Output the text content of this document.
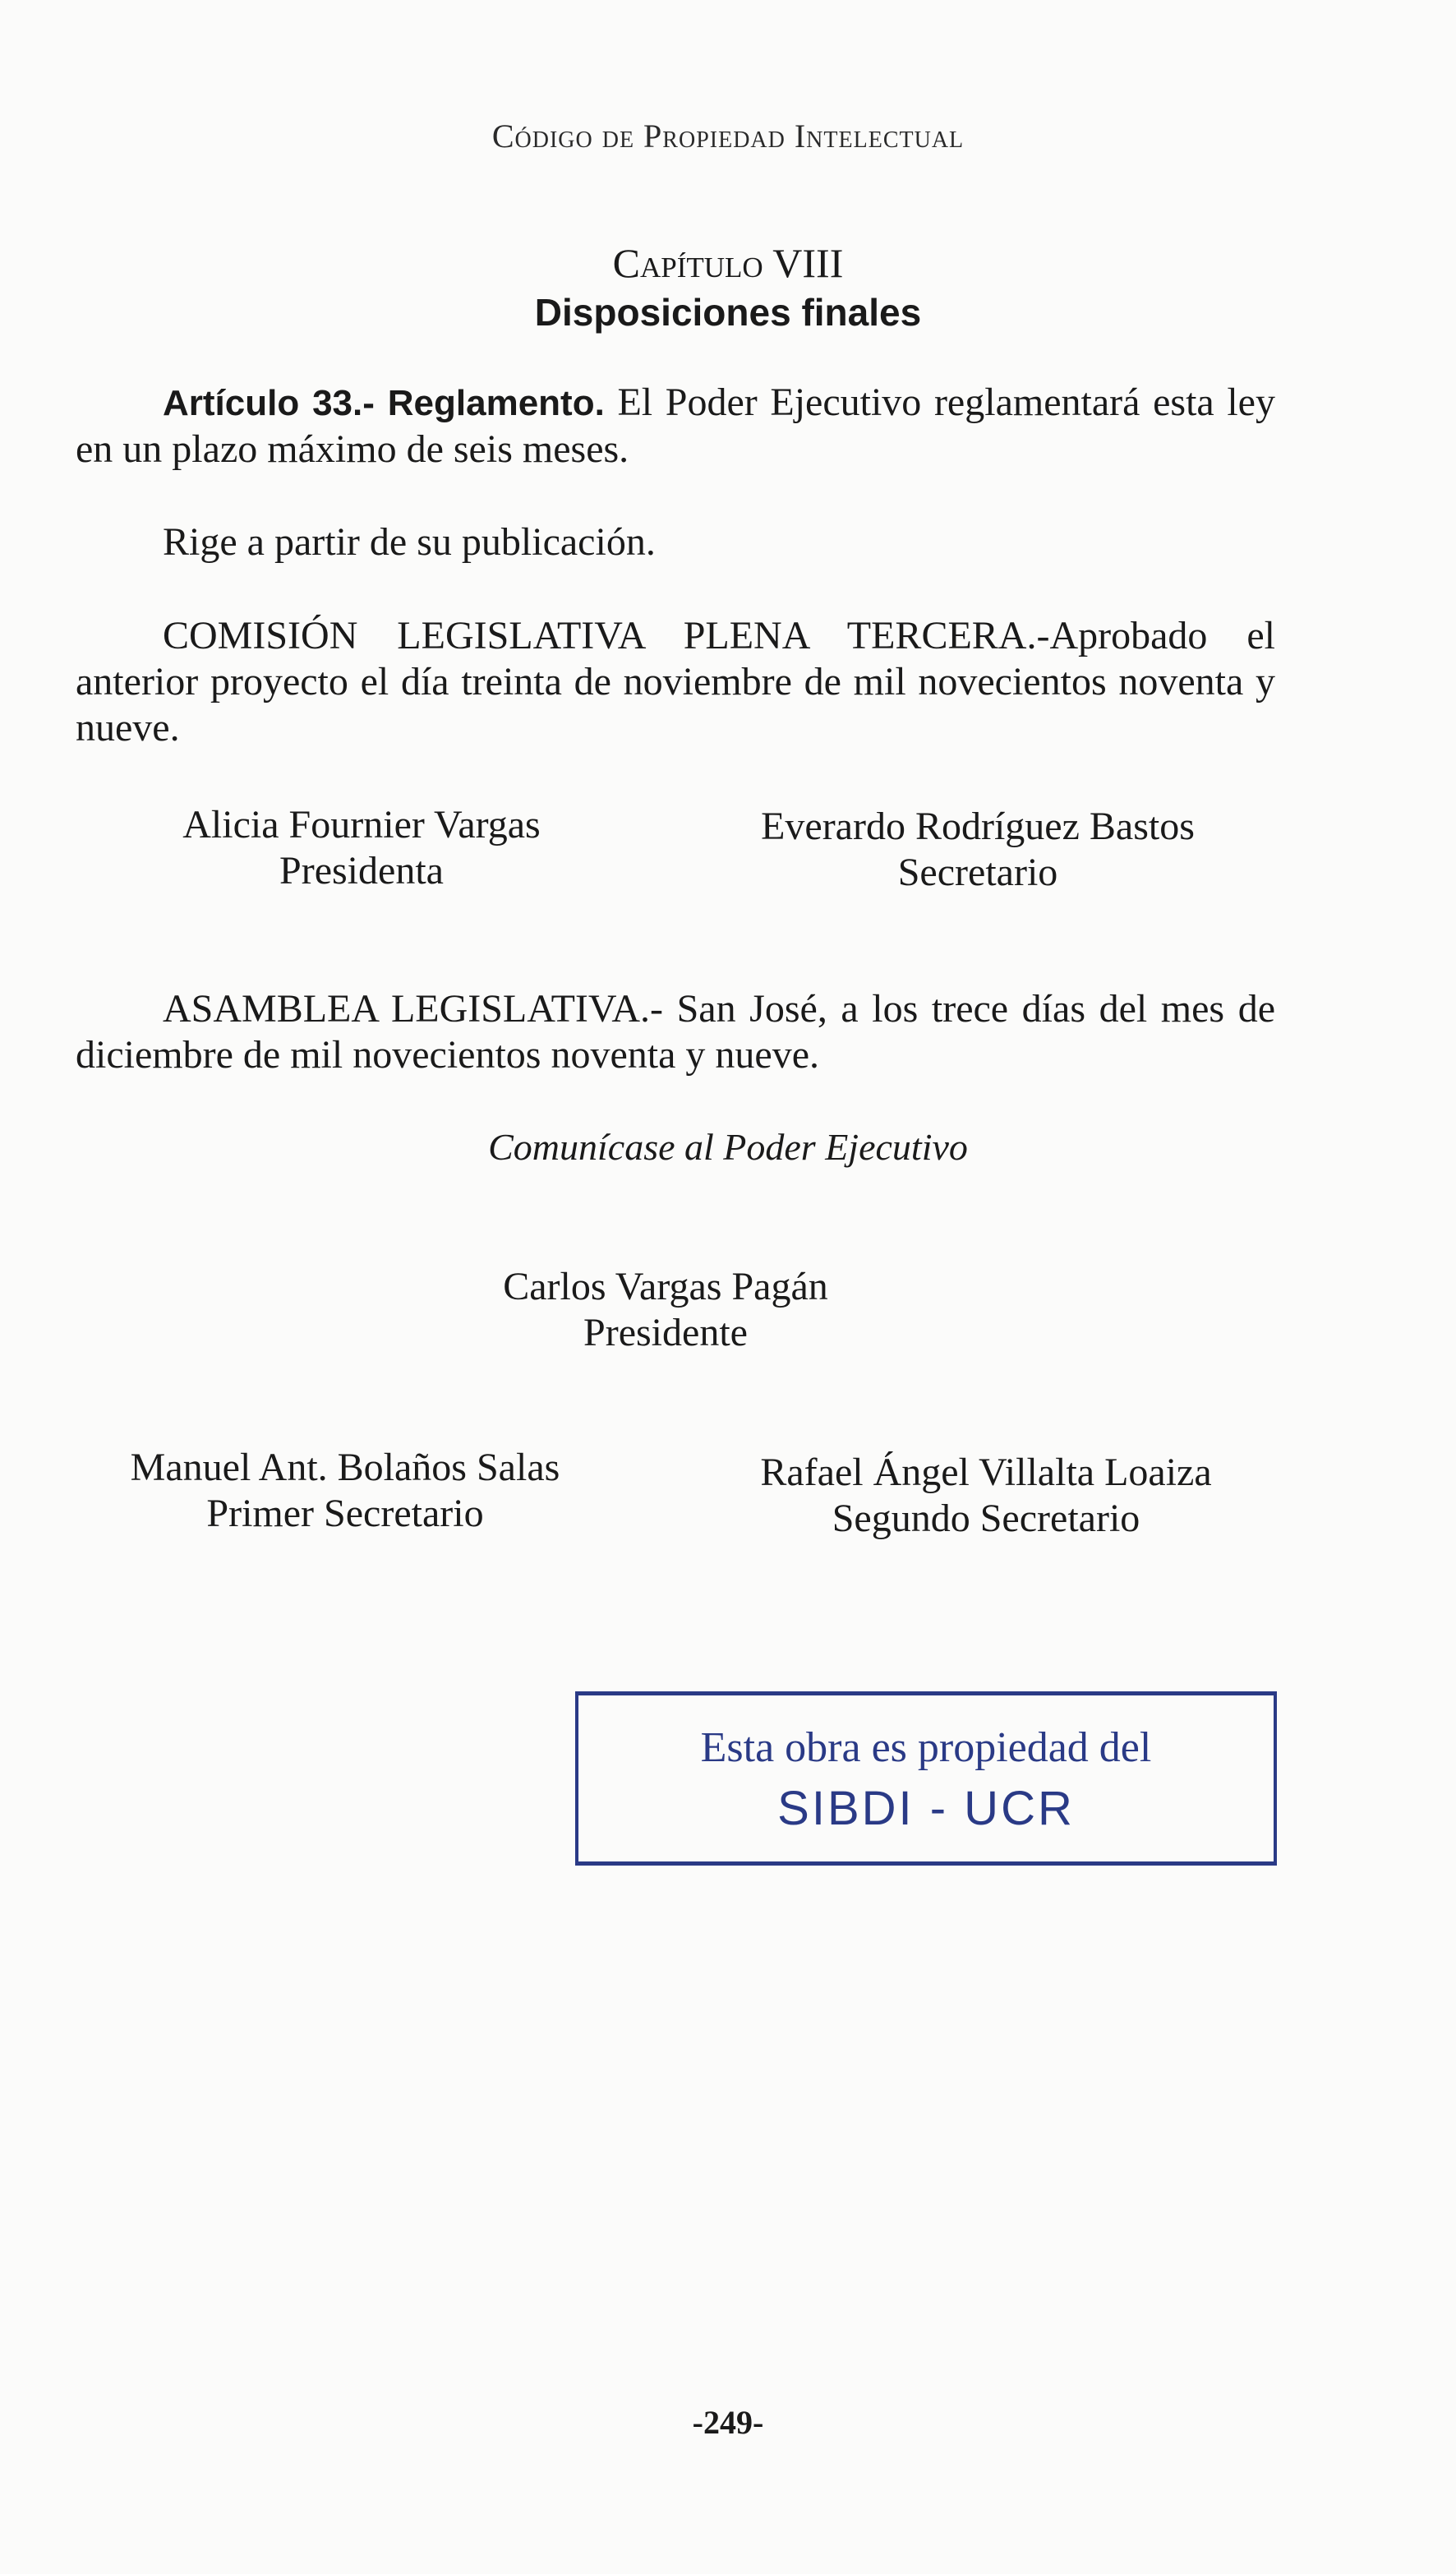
Código de Propiedad Intelectual
Capítulo VIII
Disposiciones finales

Artículo 33.- Reglamento. El Poder Ejecutivo reglamentará esta ley en un plazo máximo de seis meses.

Rige a partir de su publicación.

COMISIÓN LEGISLATIVA PLENA TERCERA.-Aprobado el anterior proyecto el día treinta de noviembre de mil novecientos noventa y nueve.

Alicia Fournier Vargas
Presidenta
Everardo Rodríguez Bastos
Secretario

ASAMBLEA LEGISLATIVA.- San José, a los trece días del mes de diciembre de mil novecientos noventa y nueve.

Comunícase al Poder Ejecutivo
Carlos Vargas Pagán
Presidente
Manuel Ant. Bolaños Salas
Primer Secretario
Rafael Ángel Villalta Loaiza
Segundo Secretario
Esta obra es propiedad del
SIBDI - UCR
-249-
